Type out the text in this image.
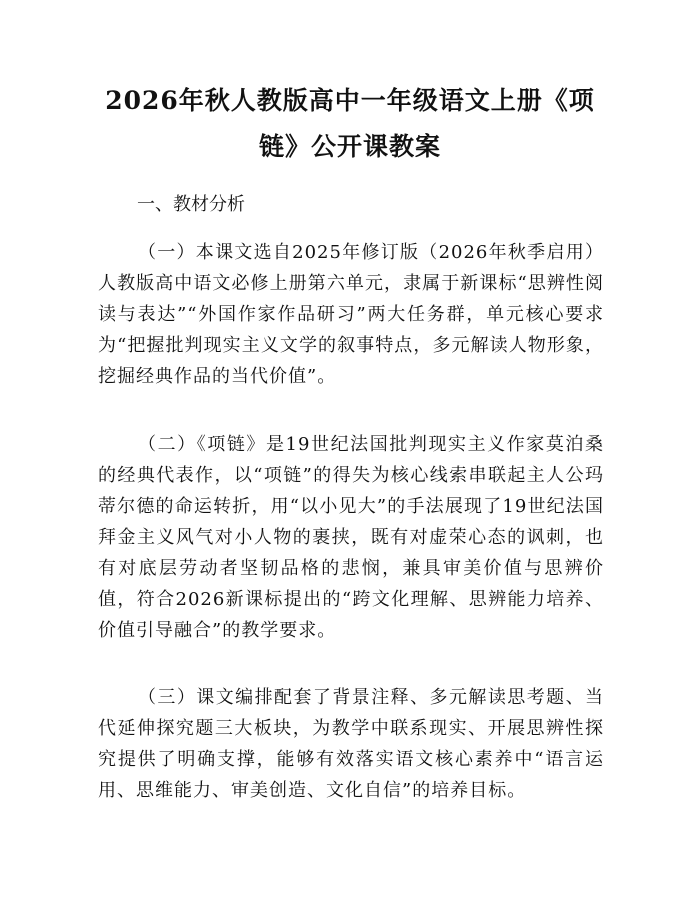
2026年秋人教版高中一年级语文上册《项链》公开课教案

一、教材分析

（一）本课文选自2025年修订版（2026年秋季启用）人教版高中语文必修上册第六单元，隶属于新课标“思辨性阅读与表达”“外国作家作品研习”两大任务群，单元核心要求为“把握批判现实主义文学的叙事特点，多元解读人物形象，挖掘经典作品的当代价值”。

（二）《项链》是19世纪法国批判现实主义作家莫泊桑的经典代表作，以“项链”的得失为核心线索串联起主人公玛蒂尔德的命运转折，用“以小见大”的手法展现了19世纪法国拜金主义风气对小人物的裹挟，既有对虚荣心态的讽刺，也有对底层劳动者坚韧品格的悲悯，兼具审美价值与思辨价值，符合2026新课标提出的“跨文化理解、思辨能力培养、价值引导融合”的教学要求。

（三）课文编排配套了背景注释、多元解读思考题、当代延伸探究题三大板块，为教学中联系现实、开展思辨性探究提供了明确支撑，能够有效落实语文核心素养中“语言运用、思维能力、审美创造、文化自信”的培养目标。
